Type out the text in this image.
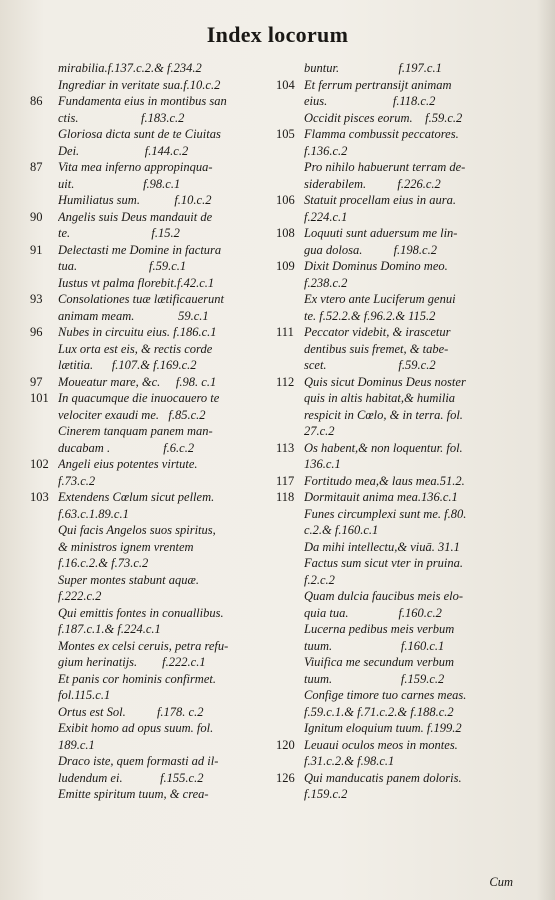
Index locorum
mirabilia.f.137.c.2.& f.234.2
Ingrediar in veritate sua.f.10.c.2
86	Fundamenta eius in montibus san
ctis.                    f.183.c.2
Gloriosa dicta sunt de te Ciuitas
Dei.                     f.144.c.2
87	Vita mea inferno appropinqua-
uit.                      f.98.c.1
Humiliatus sum.           f.10.c.2
90	Angelis suis Deus mandauit de
te.                          f.15.2
91	Delectasti me Domine in factura
tua.                       f.59.c.1
Iustus vt palma florebit.f.42.c.1
93	Consolationes tuæ lætificauerunt
animam meam.              59.c.1
96	Nubes in circuitu eius. f.186.c.1
Lux orta est eis, & rectis corde
lætitia.      f.107.& f.169.c.2
97	Moueatur mare, &c.     f.98. c.1
101 In quacumque die inuocauero te
velociter exaudi me.   f.85.c.2
Cinerem tanquam panem man-
ducabam .                 f.6.c.2
102 Angeli eius potentes virtute.
f.73.c.2
103 Extendens Cœlum sicut pellem.
f.63.c.1.89.c.1
Qui facis Angelos suos spiritus,
& ministros ignem vrentem
f.16.c.2.& f.73.c.2
Super montes stabunt aquæ.
f.222.c.2
Qui emittis fontes in conuallibus.
f.187.c.1.& f.224.c.1
Montes ex celsi ceruis, petra refu-
gium herinatijs.        f.222.c.1
Et panis cor hominis confirmet.
fol.115.c.1
Ortus est Sol.          f.178. c.2
Exibit homo ad opus suum. fol.
189.c.1
Draco iste, quem formasti ad il-
ludendum ei.            f.155.c.2
Emitte spiritum tuum, & crea-
buntur.                   f.197.c.1
104 Et ferrum pertransijt animam
eius.                     f.118.c.2
Occidit pisces eorum.    f.59.c.2
105 Flamma combussit peccatores.
f.136.c.2
Pro nihilo habuerunt terram de-
siderabilem.          f.226.c.2
106 Statuit procellam eius in aura.
f.224.c.1
108 Loquuti sunt aduersum me lin-
gua dolosa.          f.198.c.2
109 Dixit Dominus Domino meo.
f.238.c.2
Ex vtero ante Luciferum genui
te. f.52.2.& f.96.2.& 115.2
111 Peccator videbit, & irascetur
dentibus suis fremet, & tabe-
scet.                       f.59.c.2
112 Quis sicut Dominus Deus noster
quis in altis habitat,& humilia
respicit in Cœlo, & in terra. fol.
27.c.2
113 Os habent,& non loquentur. fol.
136.c.1
117 Fortitudo mea,& laus mea.51.2.
118 Dormitauit anima mea.136.c.1
Funes circumplexi sunt me. f.80.
c.2.& f.160.c.1
Da mihi intellectu,& viuā. 31.1
Factus sum sicut vter in pruina.
f.2.c.2
Quam dulcia faucibus meis elo-
quia tua.                f.160.c.2
Lucerna pedibus meis verbum
tuum.                      f.160.c.1
Viuifica me secundum verbum
tuum.                      f.159.c.2
Confige timore tuo carnes meas.
f.59.c.1.& f.71.c.2.& f.188.c.2
Ignitum eloquium tuum. f.199.2
120 Leuaui oculos meos in montes.
f.31.c.2.& f.98.c.1
126 Qui manducatis panem doloris.
f.159.c.2
Cum
